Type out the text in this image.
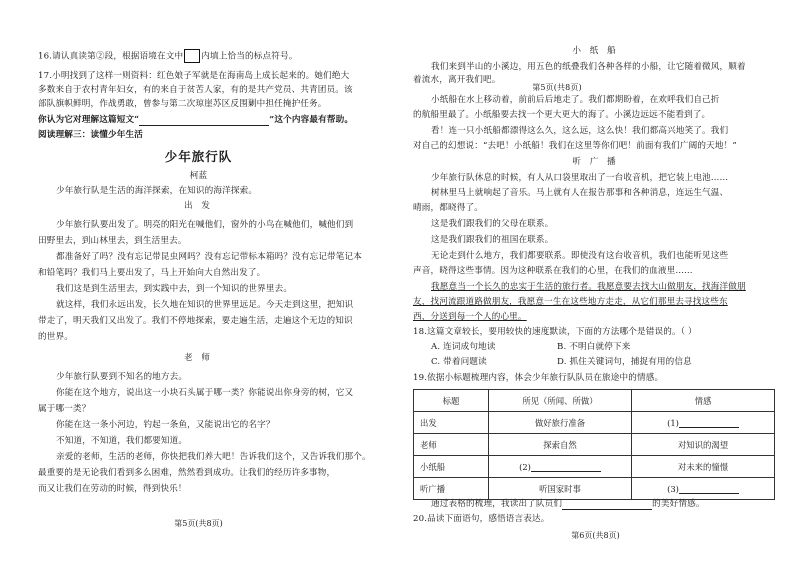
16.请认真读第②段，根据语境在文中 内填上恰当的标点符号。
17.小明找到了这样一则资料：红色娘子军就是在海南岛上成长起来的。她们绝大
多数来自于农村青年妇女，有的来自于贫苦人家，有的是共产党员、共青团员。该
部队旗帜鲜明，作战勇敢，曾参与第二次琼崖苏区反围剿中担任掩护任务。
你认为它对理解这篇短文“	”这个内容最有帮助。
阅读理解三：读懂少年生活
少年旅行队
柯蓝
少年旅行队是生活的海洋探索，在知识的海洋探索。
出 发
少年旅行队要出发了。明亮的阳光在喊他们，窗外的小鸟在喊他们，喊他们到
田野里去，到山林里去，到生活里去。
都准备好了吗？没有忘记带昆虫网吗？没有忘记带标本箱吗？没有忘记带笔记本
和铅笔吗？我们马上要出发了，马上开始向大自然出发了。
我们这是到生活里去，到实践中去，到一个知识的世界里去。
就这样，我们永远出发，长久地在知识的世界里远足。今天走到这里，把知识
带走了，明天我们又出发了。我们不停地探索，要走遍生活，走遍这个无边的知识
的世界。
老 师
少年旅行队要到不知名的地方去。
你能在这个地方，说出这一小块石头属于哪一类？你能说出你身旁的树，它又
属于哪一类？
你能在这一条小河边，钓起一条鱼，又能说出它的名字？
不知道，不知道，我们都要知道。
亲爱的老师，生活的老师，你快把我们养大吧！告诉我们这个，又告诉我们那个。
最重要的是无论我们看到多么困难，然然看到成功。让我们的经历许多事物，
而又让我们在劳动的时候，得到快乐！
第5页(共8页)
小 纸 船
我们来到半山的小溪边，用五色的纸叠我们各种各样的小船，让它随着微风，顺着
着流水，离开我们吧。
小纸船在水上移动着，前前后后地走了。我们都期盼着，在欢呼我们自己折
的航船里最了。小纸船要去找一个更大更大的海了。小溪边远远不能看到了。
看！连一只小纸船都漂得这么久，这么远，这么快！我们都高兴地笑了。我们
对自己的幻想说：“去吧！小纸船！我们在这里等你们吧！前面有我们广阔的天地！”
第5页(共8页)
听 广 播
少年旅行队休息的时候，有人从口袋里取出了一台收音机，把它装上电池……
树林里马上就响起了音乐。马上就有人在报告那事和各种消息，连远生气温、
晴雨，都晓得了。
这是我们跟我们的父母在联系。
这是我们跟我们的祖国在联系。
无论走到什么地方，我们都要联系。即使没有这台收音机，我们也能听见这些
声音，晓得这些事情。因为这种联系在我们的心里，在我们的血液里……
我愿意当一个长久的忠实于生活的旅行者。我愿意要去找大山做朋友，找海洋做朋
友，找河流跟道路做朋友，我愿意一生在这些地方走走，从它们那里去寻找这些东
西，分送到每一个人的心里。
18.这篇文章较长，要用较快的速度默读，下面的方法哪个是错误的。（ ）
A. 连词成句地读	B. 不明白就停下来
C. 带着问题读	D. 抓住关键词句，捕捉有用的信息
19.依据小标题梳理内容，体会少年旅行队队员在旅途中的情感。
通过表格的梳理，我读出了队员们	的美好情感。
20.品读下面语句，感悟语言表达。
第6页(共8页)
标题	所见（所闻、所做）	情感
出发	做好旅行准备	(1)
老师	探索自然	对知识的渴望
小纸船	(2)	对未来的憧憬
听广播	听国家时事	(3)
